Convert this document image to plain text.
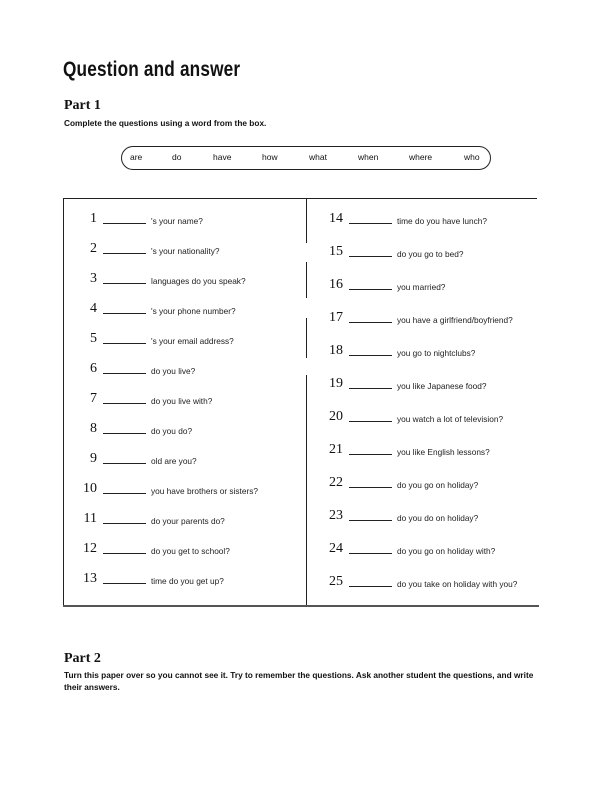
Question and answer
Part 1
Complete the questions using a word from the box.
are	do	have	how	what	when	where	who
1	's your name?
2	's your nationality?
3	languages do you speak?
4	's your phone number?
5	's your email address?
6	do you live?
7	do you live with?
8	do you do?
9	old are you?
10	you have brothers or sisters?
11	do your parents do?
12	do you get to school?
13	time do you get up?
14	time do you have lunch?
15	do you go to bed?
16	you married?
17	you have a girlfriend/boyfriend?
18	you go to nightclubs?
19	you like Japanese food?
20	you watch a lot of television?
21	you like English lessons?
22	do you go on holiday?
23	do you do on holiday?
24	do you go on holiday with?
25	do you take on holiday with you?
Part 2
Turn this paper over so you cannot see it. Try to remember the questions. Ask another student the questions, and write their answers.
